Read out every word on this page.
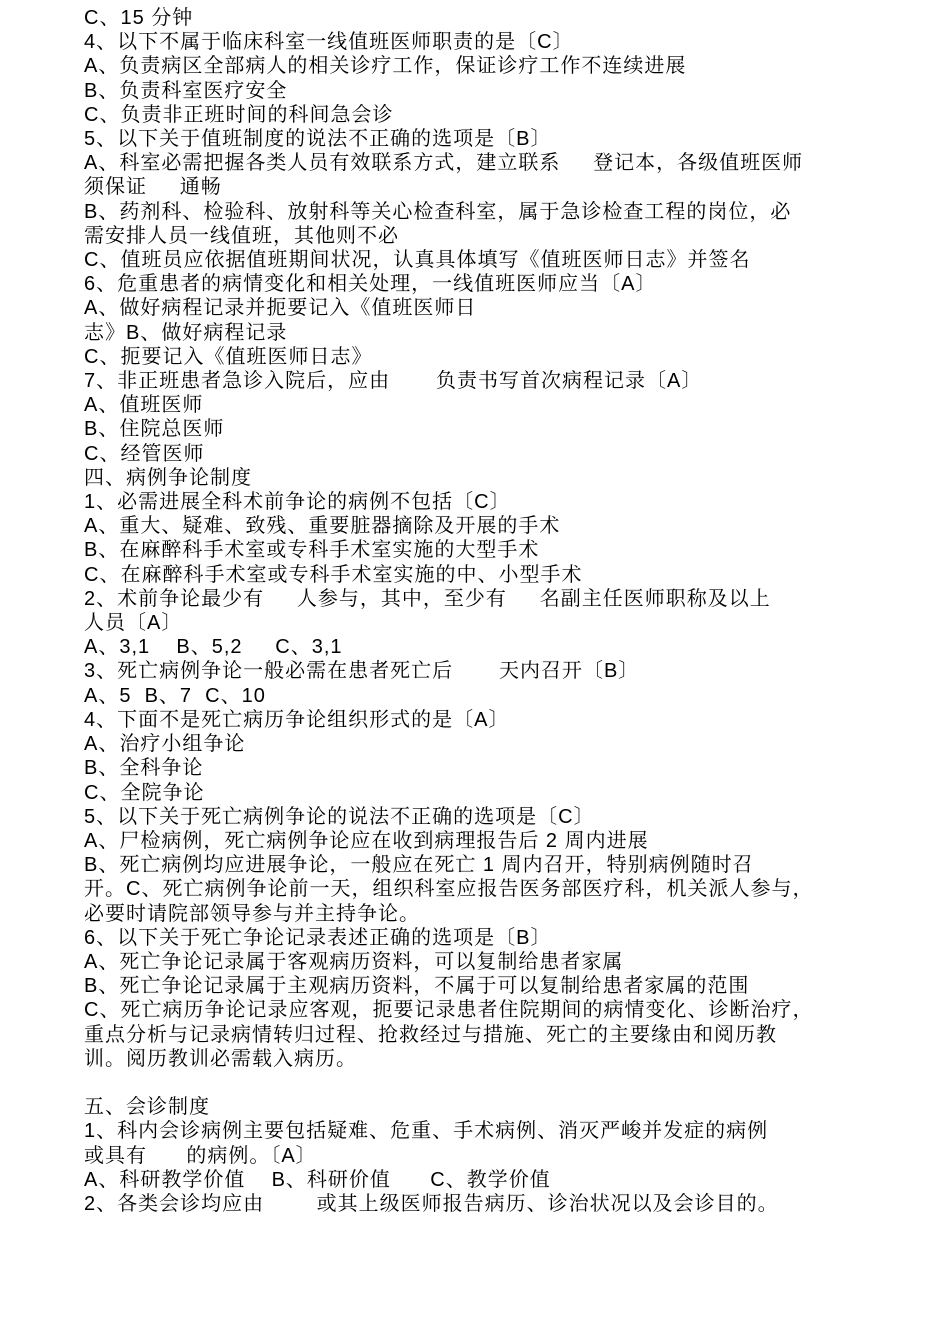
C、15 分钟
4、以下不属于临床科室一线值班医师职责的是〔C〕
A、负责病区全部病人的相关诊疗工作，保证诊疗工作不连续进展
B、负责科室医疗安全
C、负责非正班时间的科间急会诊
5、以下关于值班制度的说法不正确的选项是〔B〕
A、科室必需把握各类人员有效联系方式，建立联系     登记本，各级值班医师
须保证     通畅
B、药剂科、检验科、放射科等关心检查科室，属于急诊检查工程的岗位，必
需安排人员一线值班，其他则不必
C、值班员应依据值班期间状况，认真具体填写《值班医师日志》并签名
6、危重患者的病情变化和相关处理，一线值班医师应当〔A〕
A、做好病程记录并扼要记入《值班医师日
志》B、做好病程记录
C、扼要记入《值班医师日志》
7、非正班患者急诊入院后，应由       负责书写首次病程记录〔A〕
A、值班医师
B、住院总医师
C、经管医师
四、病例争论制度
1、必需进展全科术前争论的病例不包括〔C〕
A、重大、疑难、致残、重要脏器摘除及开展的手术
B、在麻醉科手术室或专科手术室实施的大型手术
C、在麻醉科手术室或专科手术室实施的中、小型手术
2、术前争论最少有     人参与，其中，至少有     名副主任医师职称及以上
人员〔A〕
A、3,1    B、5,2     C、3,1
3、死亡病例争论一般必需在患者死亡后       天内召开〔B〕
A、5  B、7  C、10
4、下面不是死亡病历争论组织形式的是〔A〕
A、治疗小组争论
B、全科争论
C、全院争论
5、以下关于死亡病例争论的说法不正确的选项是〔C〕
A、尸检病例，死亡病例争论应在收到病理报告后 2 周内进展
B、死亡病例均应进展争论，一般应在死亡 1 周内召开，特别病例随时召
开。C、死亡病例争论前一天，组织科室应报告医务部医疗科，机关派人参与，
必要时请院部领导参与并主持争论。
6、以下关于死亡争论记录表述正确的选项是〔B〕
A、死亡争论记录属于客观病历资料，可以复制给患者家属
B、死亡争论记录属于主观病历资料，不属于可以复制给患者家属的范围
C、死亡病历争论记录应客观，扼要记录患者住院期间的病情变化、诊断治疗，
重点分析与记录病情转归过程、抢救经过与措施、死亡的主要缘由和阅历教
训。阅历教训必需载入病历。
五、会诊制度
1、科内会诊病例主要包括疑难、危重、手术病例、消灭严峻并发症的病例
或具有      的病例。〔A〕
A、科研教学价值    B、科研价值      C、教学价值
2、各类会诊均应由        或其上级医师报告病历、诊治状况以及会诊目的。
